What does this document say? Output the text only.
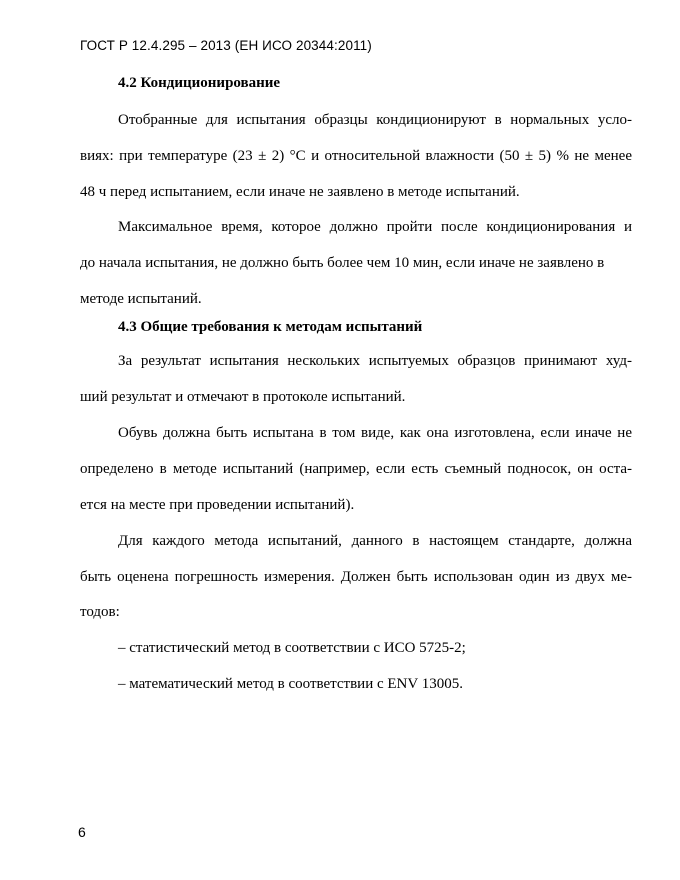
ГОСТ Р 12.4.295 – 2013 (ЕН ИСО 20344:2011)
4.2 Кондиционирование
Отобранные для испытания образцы кондиционируют в нормальных усло-
виях: при температуре (23 ± 2) °С и относительной влажности (50 ± 5) % не менее
48 ч перед испытанием, если иначе не заявлено в методе испытаний.
Максимальное время, которое должно пройти после кондиционирования и
до начала испытания, не должно быть более чем 10 мин, если иначе не заявлено в
методе испытаний.
4.3 Общие требования к методам испытаний
За результат испытания нескольких испытуемых образцов принимают худ-
ший результат и отмечают в протоколе испытаний.
Обувь должна быть испытана в том виде, как она изготовлена, если иначе не
определено в методе испытаний (например, если есть съемный подносок, он оста-
ется на месте при проведении испытаний).
Для каждого метода испытаний, данного в настоящем стандарте, должна
быть оценена погрешность измерения. Должен быть использован один из двух ме-
тодов:
– статистический метод в соответствии с ИСО 5725-2;
– математический метод в соответствии с ENV 13005.
6
